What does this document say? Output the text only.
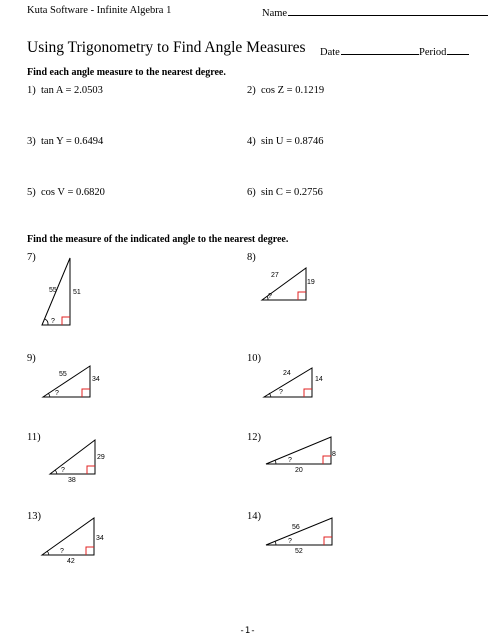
Kuta Software - Infinite Algebra 1	Name
Using Trigonometry to Find Angle Measures Date	Period
Find each angle measure to the nearest degree.
1) tan A = 2.0503	2) cos Z = 0.1219
3) tan Y = 0.6494	4) sin U = 0.8746
5) cos V = 0.6820	6) sin C = 0.2756
Find the measure of the indicated angle to the nearest degree.
7)	8)
9)	10)
11)	12)
13)	14)
55 51
?
27
19
?
55
34
?
24
14
?
29
38
?
8
20
?
34
42
?
56
52
?
-1-
